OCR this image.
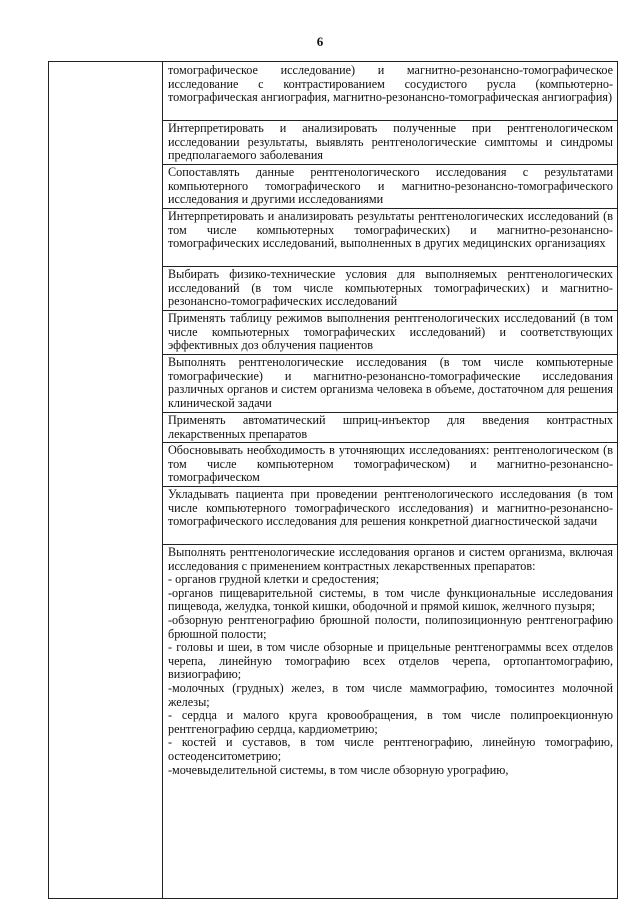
6

томографическое исследование) и магнитно-резонансно-томографическое исследование с контрастированием сосудистого русла (компьютерно-томографическая ангиография, магнитно-резонансно-томографическая ангиография)
Интерпретировать и анализировать полученные при рентгенологическом исследовании результаты, выявлять рентгенологические симптомы и синдромы предполагаемого заболевания
Сопоставлять данные рентгенологического исследования с результатами компьютерного томографического и магнитно-резонансно-томографического исследования и другими исследованиями
Интерпретировать и анализировать результаты рентгенологических исследований (в том числе компьютерных томографических) и магнитно-резонансно-томографических исследований, выполненных в других медицинских организациях
Выбирать физико-технические условия для выполняемых рентгенологических исследований (в том числе компьютерных томографических) и магнитно-резонансно-томографических исследований
Применять таблицу режимов выполнения рентгенологических исследований (в том числе компьютерных томографических исследований) и соответствующих эффективных доз облучения пациентов
Выполнять рентгенологические исследования (в том числе компьютерные томографические) и магнитно-резонансно-томографические исследования различных органов и систем организма человека в объеме, достаточном для решения клинической задачи
Применять автоматический шприц-инъектор для введения контрастных лекарственных препаратов
Обосновывать необходимость в уточняющих исследованиях: рентгенологическом (в том числе компьютерном томографическом) и магнитно-резонансно-томографическом
Укладывать пациента при проведении рентгенологического исследования (в том числе компьютерного томографического исследования) и магнитно-резонансно-томографического исследования для решения конкретной диагностической задачи
Выполнять рентгенологические исследования органов и систем организма, включая исследования с применением контрастных лекарственных препаратов:
- органов грудной клетки и средостения;
-органов пищеварительной системы, в том числе функциональные исследования пищевода, желудка, тонкой кишки, ободочной и прямой кишок, желчного пузыря;
-обзорную рентгенографию брюшной полости, полипозиционную рентгенографию брюшной полости;
- головы и шеи, в том числе обзорные и прицельные рентгенограммы всех отделов черепа, линейную томографию всех отделов черепа, ортопантомографию, визиографию;
-молочных (грудных) желез, в том числе маммографию, томосинтез молочной железы;
- сердца и малого круга кровообращения, в том числе полипроекционную рентгенографию сердца, кардиометрию;
- костей и суставов, в том числе рентгенографию, линейную томографию, остеоденситометрию;
-мочевыделительной системы, в том числе обзорную урографию,
